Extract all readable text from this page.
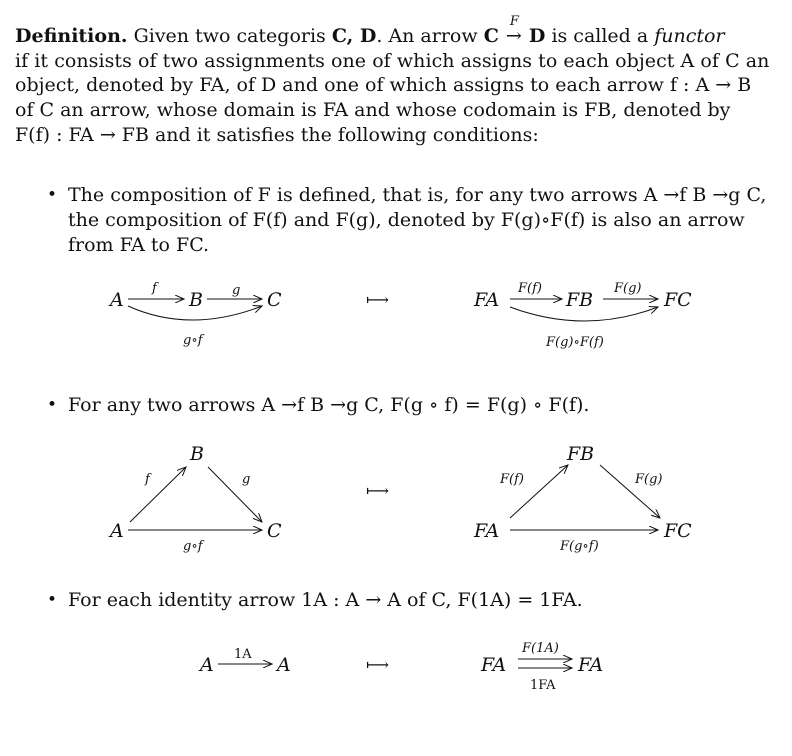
Definition. Given two categoris C, D. An arrow C
F
→ D is called a functor
if it consists of two assignments one of which assigns to each object A of C an
object, denoted by FA, of D and one of which assigns to each arrow f : A → B
of C an arrow, whose domain is FA and whose codomain is FB, denoted by
F(f) : FA → FB and it satisfies the following conditions:
• The composition of F is defined, that is, for any two arrows A →f B →g C,
the composition of F(f) and F(g), denoted by F(g)∘F(f) is also an arrow
from FA to FC.
A	B	C
f	g
g∘f
⟼	FA	FB	FC
F(f)	F(g)
F(g)∘F(f)
• For any two arrows A →f B →g C, F(g ∘ f) = F(g) ∘ F(f).
B
A	C
f	g
g∘f
⟼
FB
FA	FC
F(f)	F(g)
F(g∘f)
• For each identity arrow 1A : A → A of C, F(1A) = 1FA.
A	A
1A
⟼	FA	FA
F(1A)
1FA
